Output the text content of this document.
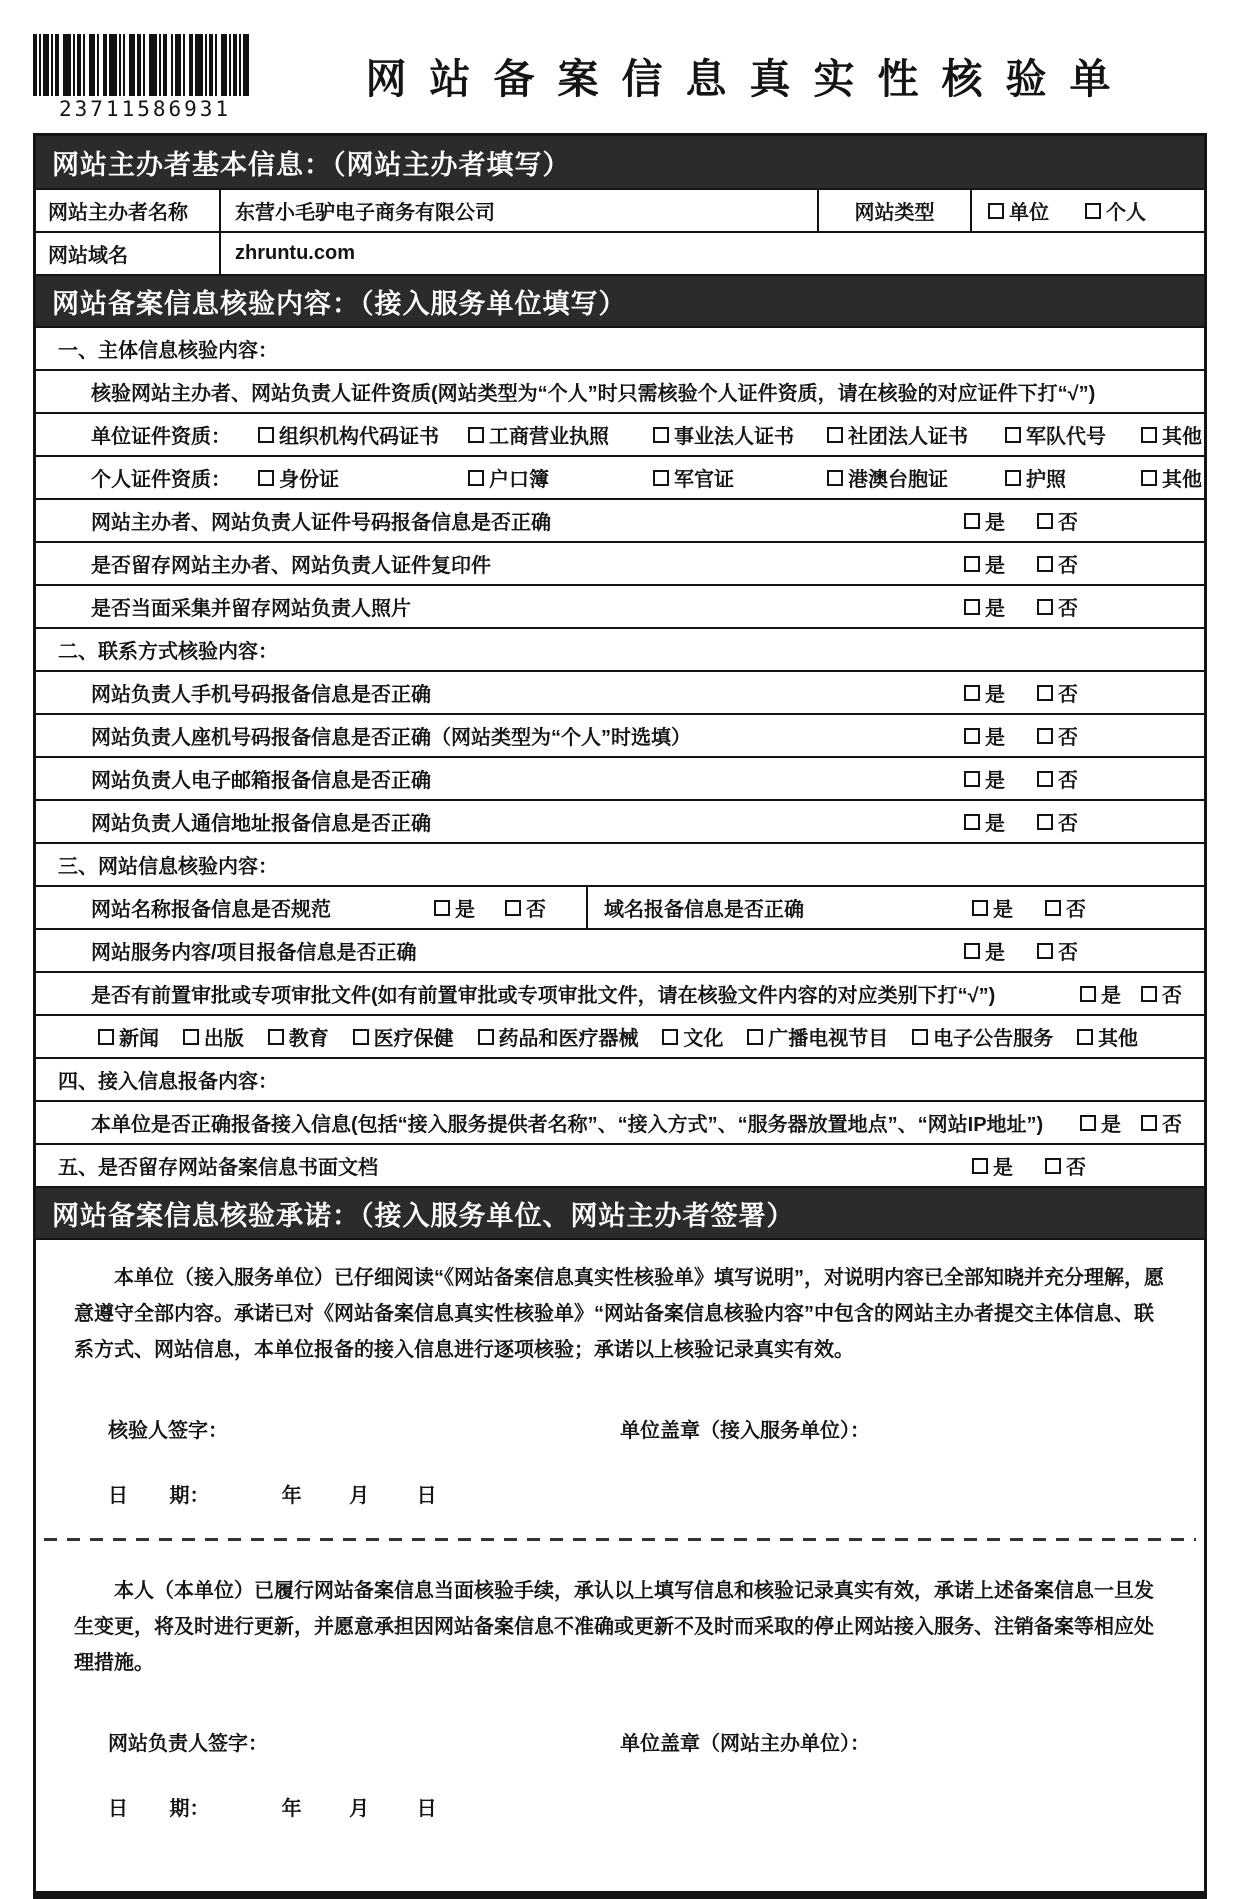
23711586931
网站备案信息真实性核验单
网站主办者基本信息：（网站主办者填写）
网站主办者名称	东营小毛驴电子商务有限公司	网站类型	单位	个人
网站域名	zhruntu.com
网站备案信息核验内容：（接入服务单位填写）
一、主体信息核验内容：
核验网站主办者、网站负责人证件资质(网站类型为“个人”时只需核验个人证件资质，请在核验的对应证件下打“√”)
单位证件资质：	组织机构代码证书	工商营业执照	事业法人证书	社团法人证书	军队代号	其他
个人证件资质：	身份证	户口簿	军官证	港澳台胞证	护照	其他
网站主办者、网站负责人证件号码报备信息是否正确	是	否
是否留存网站主办者、网站负责人证件复印件	是	否
是否当面采集并留存网站负责人照片	是	否
二、联系方式核验内容：
网站负责人手机号码报备信息是否正确	是	否
网站负责人座机号码报备信息是否正确（网站类型为“个人”时选填）	是	否
网站负责人电子邮箱报备信息是否正确	是	否
网站负责人通信地址报备信息是否正确	是	否
三、网站信息核验内容：
网站名称报备信息是否规范	是	否	域名报备信息是否正确	是	否
网站服务内容/项目报备信息是否正确	是	否
是否有前置审批或专项审批文件(如有前置审批或专项审批文件，请在核验文件内容的对应类别下打“√”)	是 否
新闻 出版 教育 医疗保健 药品和医疗器械 文化 广播电视节目 电子公告服务 其他
四、接入信息报备内容：
本单位是否正确报备接入信息(包括“接入服务提供者名称”、“接入方式”、“服务器放置地点”、“网站IP地址”)	是 否
五、是否留存网站备案信息书面文档	是	否
网站备案信息核验承诺：（接入服务单位、网站主办者签署）

本单位（接入服务单位）已仔细阅读“《网站备案信息真实性核验单》填写说明”，对说明内容已全部知晓并充分理解，愿意遵守全部内容。承诺已对《网站备案信息真实性核验单》“网站备案信息核验内容”中包含的网站主办者提交主体信息、联系方式、网站信息，本单位报备的接入信息进行逐项核验；承诺以上核验记录真实有效。

核验人签字：	单位盖章（接入服务单位）：
日 期：	年 月 日

本人（本单位）已履行网站备案信息当面核验手续，承认以上填写信息和核验记录真实有效，承诺上述备案信息一旦发生变更，将及时进行更新，并愿意承担因网站备案信息不准确或更新不及时而采取的停止网站接入服务、注销备案等相应处理措施。

网站负责人签字：	单位盖章（网站主办单位）：
日 期：	年 月 日
